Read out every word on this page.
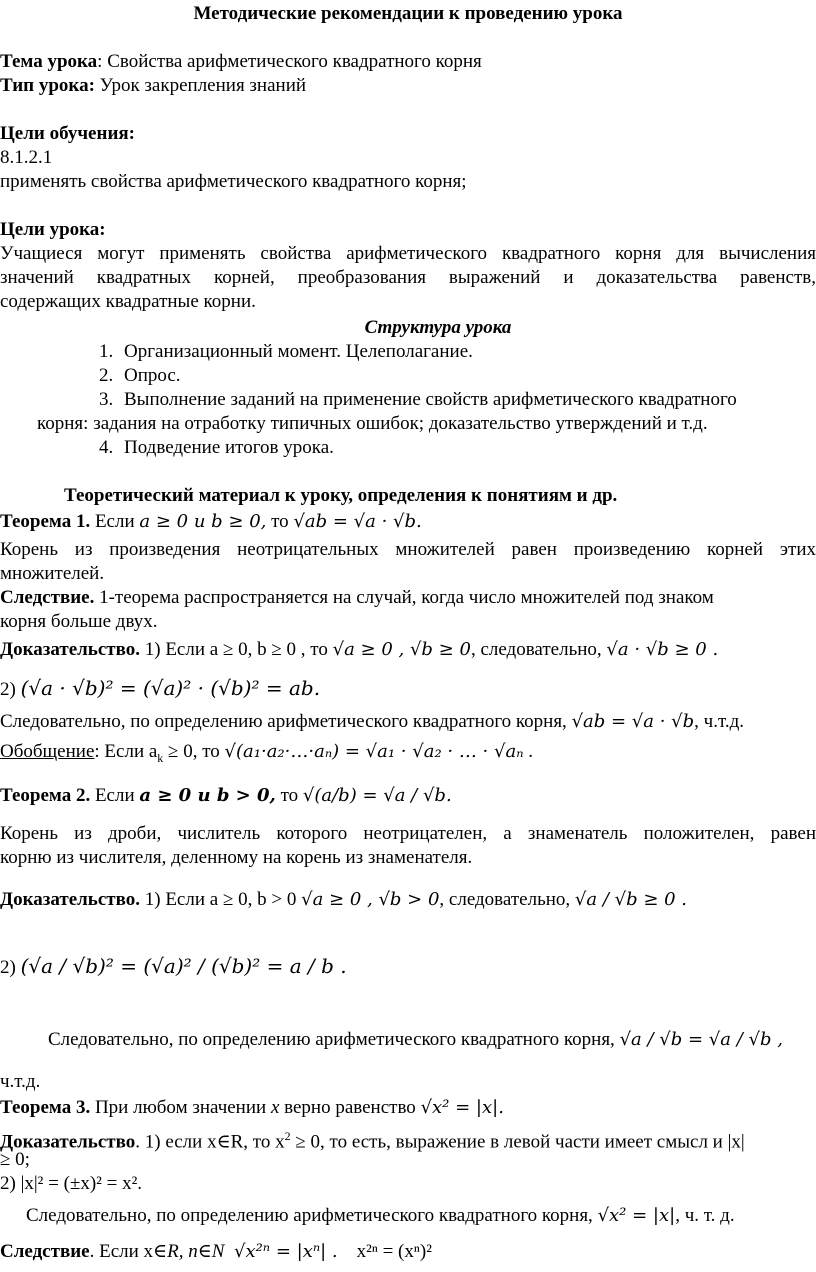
Методические рекомендации к проведению урока
Тема урока: Свойства арифметического квадратного корня
Тип урока: Урок закрепления знаний
Цели обучения:
8.1.2.1
применять свойства арифметического квадратного корня;
Цели урока:
Учащиеся могут применять свойства арифметического квадратного корня для вычисления
значений квадратных корней, преобразования выражений и доказательства равенств,
содержащих квадратные корни.
Структура урока
1. Организационный момент. Целеполагание.
2. Опрос.
3. Выполнение заданий на применение свойств арифметического квадратного
корня: задания на отработку типичных ошибок; доказательство утверждений и т.д.
4. Подведение итогов урока.
Теоретический материал к уроку, определения к понятиям и др.
Теорема 1. Если a ≥ 0 и b ≥ 0, то √ab = √a · √b.
Корень из произведения неотрицательных множителей равен произведению корней этих
множителей.
Следствие. 1-теорема распространяется на случай, когда число множителей под знаком
корня больше двух.
Доказательство. 1) Если a ≥ 0, b ≥ 0 , то √a ≥ 0 , √b ≥ 0, следовательно, √a · √b ≥ 0 .
2) (√a · √b)² = (√a)² · (√b)² = ab.
Следовательно, по определению арифметического квадратного корня, √ab = √a · √b, ч.т.д.
Обобщение: Если $a_k \ge 0$, то √(a₁·a₂·…·aₙ) = √a₁ · √a₂ · … · √aₙ .
Теорема 2. Если a ≥ 0 и b > 0, то √(a/b) = √a / √b.
Корень из дроби, числитель которого неотрицателен, а знаменатель положителен, равен
корню из числителя, деленному на корень из знаменателя.
Доказательство. 1) Если a ≥ 0, b > 0 √a ≥ 0 , √b > 0, следовательно, √a / √b ≥ 0 .
2) (√a / √b)² = (√a)² / (√b)² = a / b .
Следовательно, по определению арифметического квадратного корня, √a / √b = √a / √b ,
ч.т.д.
Теорема 3. При любом значении x верно равенство √x² = |x|.
Доказательство. 1) если x∈R, то $x^2 \ge 0$, то есть, выражение в левой части имеет смысл и |x|
≥ 0;
2) |x|² = (±x)² = x².
Следовательно, по определению арифметического квадратного корня, √x² = |x|, ч. т. д.
Следствие. Если x∈R, n∈N √x²ⁿ = |xⁿ| . x²ⁿ = (xⁿ)²
